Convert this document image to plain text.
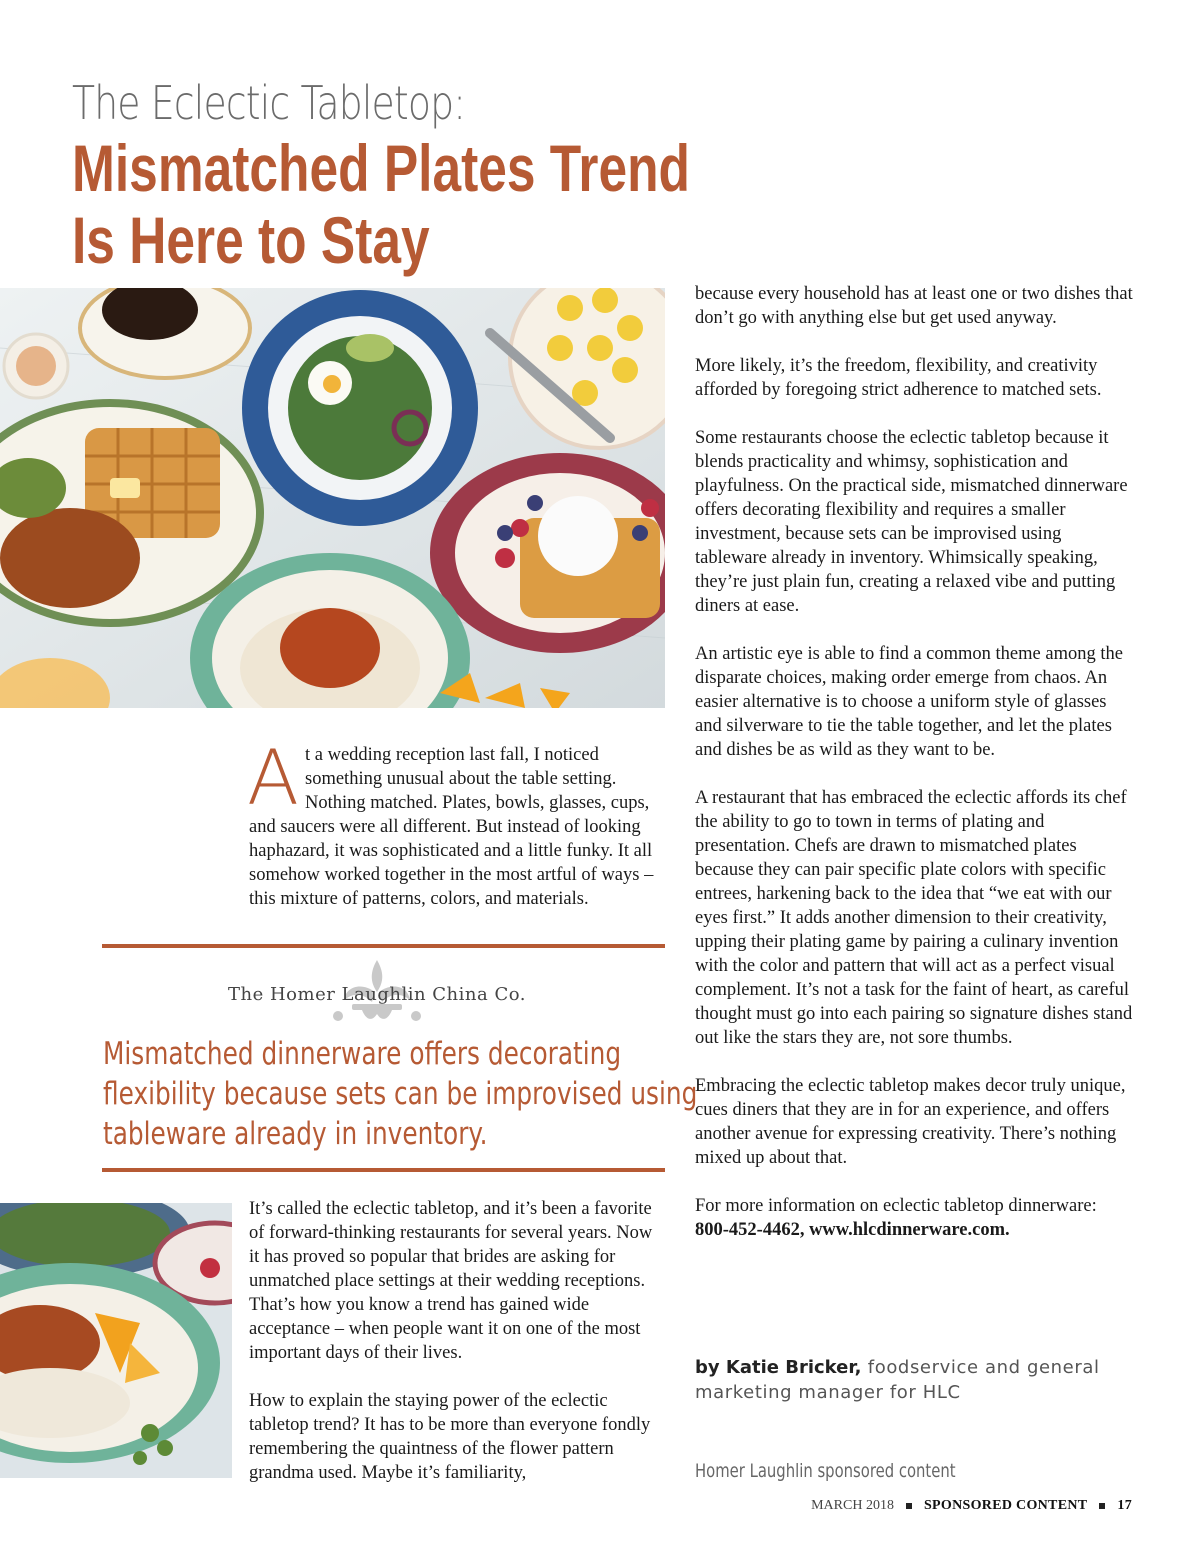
The Eclectic Tabletop:
Mismatched Plates Trend
Is Here to Stay

At a wedding reception last fall, I noticed something unusual about the table setting. Nothing matched. Plates, bowls, glasses, cups, and saucers were all different. But instead of looking haphazard, it was sophisticated and a little funky. It all somehow worked together in the most artful of ways – this mixture of patterns, colors, and materials.

The Homer Laughlin China Co.
Mismatched dinnerware offers decorating
flexibility because sets can be improvised using
tableware already in inventory.

It’s called the eclectic tabletop, and it’s been a favorite of forward-thinking restaurants for several years. Now it has proved so popular that brides are asking for unmatched place settings at their wedding receptions. That’s how you know a trend has gained wide acceptance – when people want it on one of the most important days of their lives.

How to explain the staying power of the eclectic tabletop trend? It has to be more than everyone fondly remembering the quaintness of the flower pattern grandma used. Maybe it’s familiarity,

because every household has at least one or two dishes that don’t go with anything else but get used anyway.

More likely, it’s the freedom, flexibility, and creativity afforded by foregoing strict adherence to matched sets.

Some restaurants choose the eclectic tabletop because it blends practicality and whimsy, sophistication and playfulness. On the practical side, mismatched dinnerware offers decorating flexibility and requires a smaller investment, because sets can be improvised using tableware already in inventory. Whimsically speaking, they’re just plain fun, creating a relaxed vibe and putting diners at ease.

An artistic eye is able to find a common theme among the disparate choices, making order emerge from chaos. An easier alternative is to choose a uniform style of glasses and silverware to tie the table together, and let the plates and dishes be as wild as they want to be.

A restaurant that has embraced the eclectic affords its chef the ability to go to town in terms of plating and presentation. Chefs are drawn to mismatched plates because they can pair specific plate colors with specific entrees, harkening back to the idea that “we eat with our eyes first.” It adds another dimension to their creativity, upping their plating game by pairing a culinary invention with the color and pattern that will act as a perfect visual complement. It’s not a task for the faint of heart, as careful thought must go into each pairing so signature dishes stand out like the stars they are, not sore thumbs.

Embracing the eclectic tabletop makes decor truly unique, cues diners that they are in for an experience, and offers another avenue for expressing creativity. There’s nothing mixed up about that.

For more information on eclectic tabletop dinnerware:
800-452-4462, www.hlcdinnerware.com.

by Katie Bricker, foodservice and general
marketing manager for HLC
Homer Laughlin sponsored content
MARCH 2018 SPONSORED CONTENT 17
